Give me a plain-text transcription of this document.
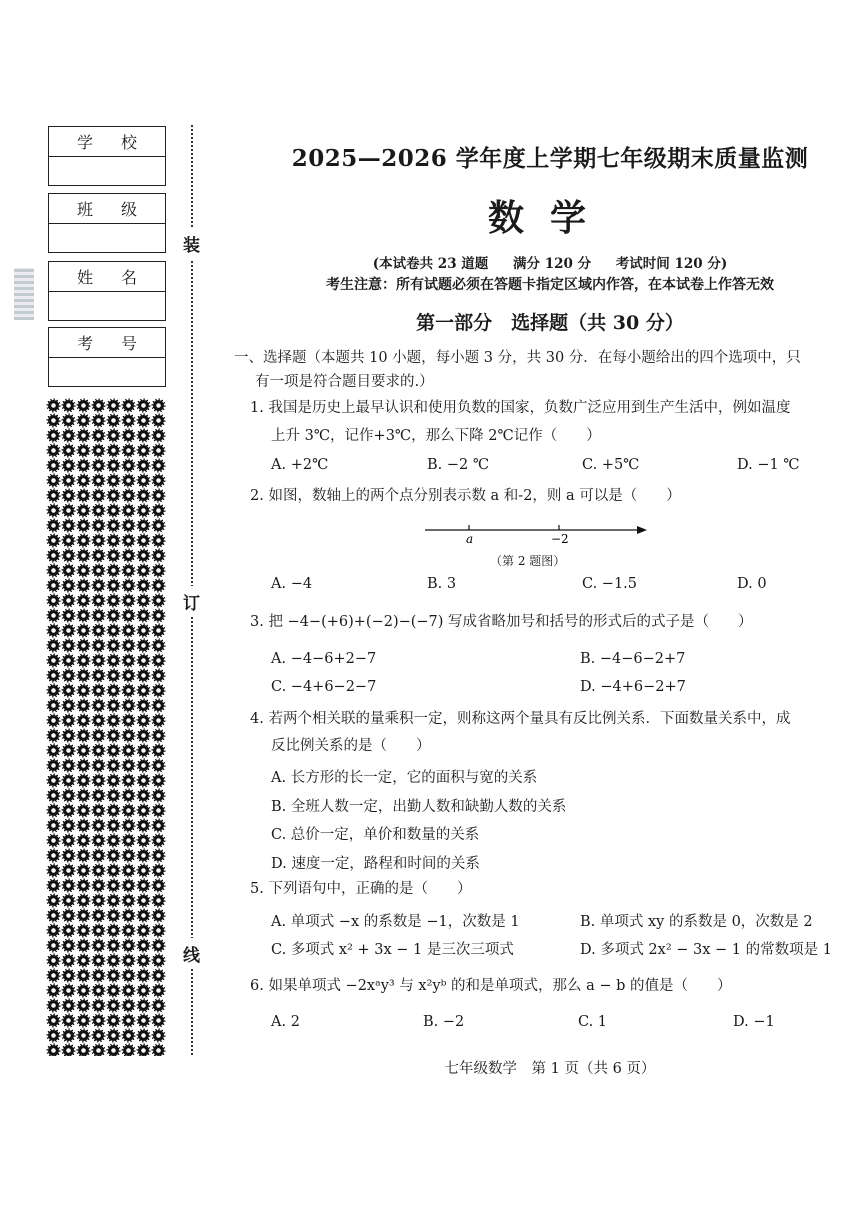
学 校
班 级
姓 名
考 号
装
订
线
2025—2026 学年度上学期七年级期末质量监测
数学
(本试卷共 23 道题 满分 120 分 考试时间 120 分)
考生注意：所有试题必须在答题卡指定区域内作答，在本试卷上作答无效
第一部分　选择题（共 30 分）
一、选择题（本题共 10 小题，每小题 3 分，共 30 分．在每小题给出的四个选项中，只
有一项是符合题目要求的.）
1. 我国是历史上最早认识和使用负数的国家，负数广泛应用到生产生活中，例如温度
上升 3℃，记作+3℃，那么下降 2℃记作（　　）
A. +2℃	B. −2 ℃	C. +5℃	D. −1 ℃
2. 如图，数轴上的两个点分别表示数 a 和-2，则 a 可以是（　　）
a	−2
（第 2 题图）
A. −4	B. 3	C. −1.5	D. 0
3. 把 −4−(+6)+(−2)−(−7) 写成省略加号和括号的形式后的式子是（　　）
A. −4−6+2−7	B. −4−6−2+7
C. −4+6−2−7	D. −4+6−2+7
4. 若两个相关联的量乘积一定，则称这两个量具有反比例关系．下面数量关系中，成
反比例关系的是（　　）
A. 长方形的长一定，它的面积与宽的关系
B. 全班人数一定，出勤人数和缺勤人数的关系
C. 总价一定，单价和数量的关系
D. 速度一定，路程和时间的关系
5. 下列语句中，正确的是（　　）
A. 单项式 −x 的系数是 −1，次数是 1	B. 单项式 xy 的系数是 0，次数是 2
C. 多项式 x² + 3x − 1 是三次三项式	D. 多项式 2x² − 3x − 1 的常数项是 1
6. 如果单项式 −2xᵃy³ 与 x²yᵇ 的和是单项式，那么 a − b 的值是（　　）
A. 2	B. −2	C. 1	D. −1
七年级数学　第 1 页（共 6 页）
